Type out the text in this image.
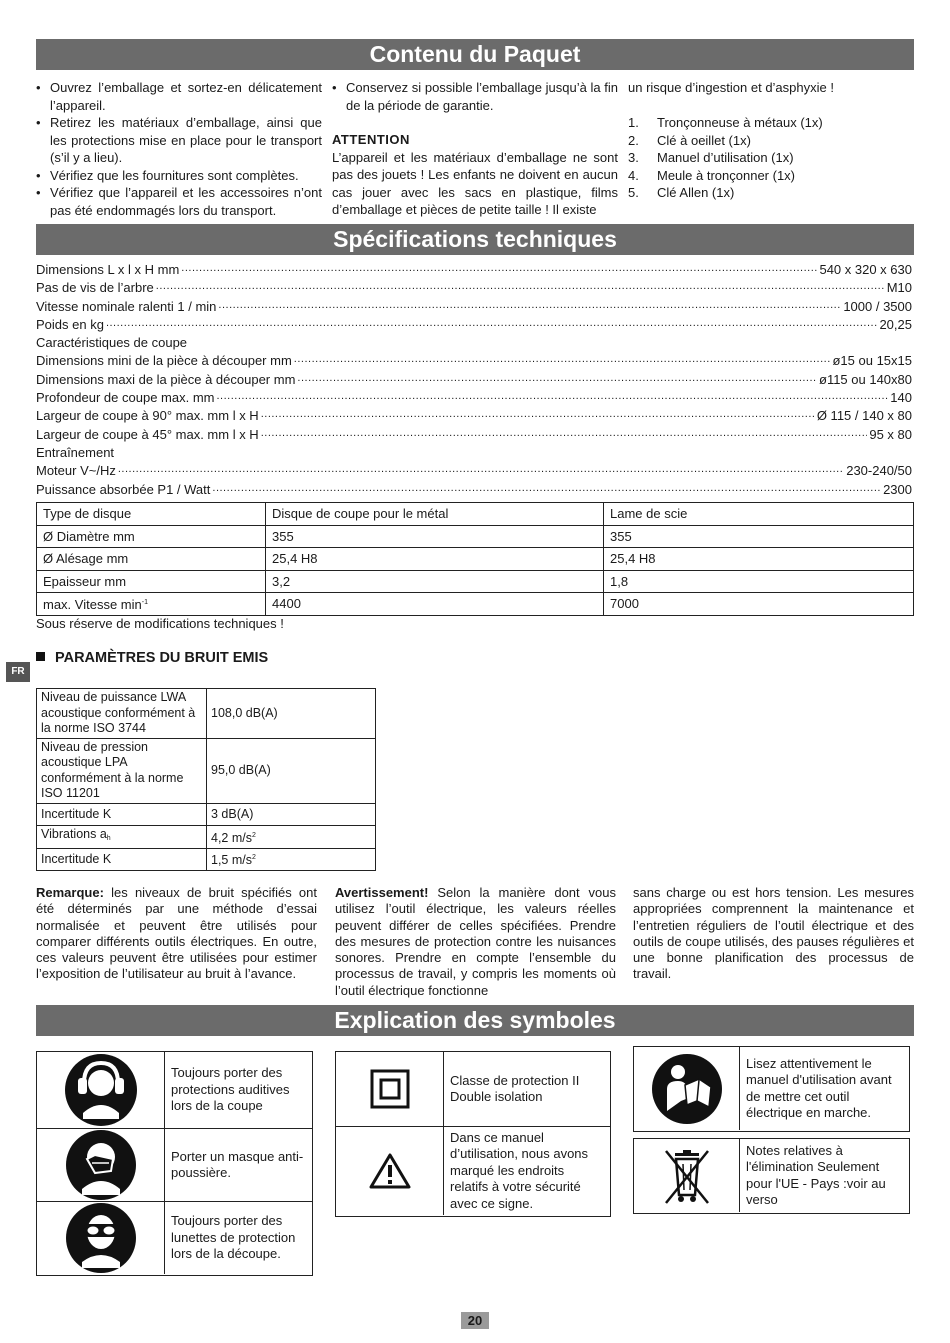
Contenu du Paquet
• Ouvrez l’emballage et sortez-en délicatement l’appareil.
• Retirez les matériaux d’emballage, ainsi que les protections mise en place pour le transport (s’il y a lieu).
• Vérifiez que les fournitures sont complètes.
• Vérifiez que l’appareil et les accessoires n’ont pas été endommagés lors du transport.
• Conservez si possible l’emballage jusqu’à la fin de la période de garantie.
ATTENTION
L’appareil et les matériaux d’emballage ne sont pas des jouets ! Les enfants ne doivent en aucun cas jouer avec les sacs en plastique, films d’emballage et pièces de petite taille ! Il existe
un risque d’ingestion et d’asphyxie !
1.	Tronçonneuse à métaux (1x)
2.	Clé à oeillet (1x)
3.	Manuel d’utilisation (1x)
4.	Meule à tronçonner (1x)
5.	Clé Allen (1x)
Spécifications techniques
Dimensions L x l x H mm .....	540 x 320 x 630
Pas de vis de l’arbre .....	M10
Vitesse nominale ralenti 1 / min .....	1000 / 3500
Poids en kg .....	20,25
Caractéristiques de coupe
Dimensions mini de la pièce à découper mm .....	ø15 ou 15x15
Dimensions maxi de la pièce à découper mm .....	ø115 ou 140x80
Profondeur de coupe max. mm .....	140
Largeur de coupe à 90° max. mm l x H .....	Ø 115 / 140 x 80
Largeur de coupe à 45° max. mm l x H .....	95 x 80
Entraînement
Moteur V~/Hz .....	230-240/50
Puissance absorbée P1 / Watt .....	2300
Type de disque	Disque de coupe pour le métal	Lame de scie
Ø Diamètre mm	355	355
Ø Alésage mm	25,4 H8	25,4 H8
Epaisseur mm	3,2	1,8
max. Vitesse $\min^{-1}$	4400	7000
Sous réserve de modifications techniques !
FR
PARAMÈTRES DU BRUIT EMIS
Niveau de puissance LWA acoustique conformément à la norme ISO 3744	108,0 dB(A)
Niveau de pression acoustique LPA conformément à la norme ISO 11201	95,0 dB(A)
Incertitude K	3 dB(A)
Vibrations $a_h$	4,2 $m/s^2$
Incertitude K	1,5 $m/s^2$
Remarque: les niveaux de bruit spécifiés ont été déterminés par une méthode d’essai normalisée et peuvent être utilisés pour comparer différents outils électriques. En outre, ces valeurs peuvent être utilisées pour estimer l’exposition de l’utilisateur au bruit à l’avance.
Avertissement! Selon la manière dont vous utilisez l’outil électrique, les valeurs réelles peuvent différer de celles spécifiées. Prendre des mesures de protection contre les nuisances sonores. Prendre en compte l’ensemble du processus de travail, y compris les moments où l’outil électrique fonctionne
sans charge ou est hors tension. Les mesures appropriées comprennent la maintenance et l’entretien réguliers de l’outil électrique et des outils de coupe utilisés, des pauses régulières et une bonne planification des processus de travail.
Explication des symboles
Toujours porter des protections auditives lors de la coupe
Porter un masque anti-poussière.
Toujours porter des lunettes de protection lors de la découpe.
Classe de protection II Double isolation
Dans ce manuel d’utilisation, nous avons marqué les endroits relatifs à votre sécurité avec ce signe.
Lisez attentivement le manuel d'utilisation avant de mettre cet outil électrique en marche.
Notes relatives à l'élimination Seulement pour l'UE - Pays :voir au verso
20
